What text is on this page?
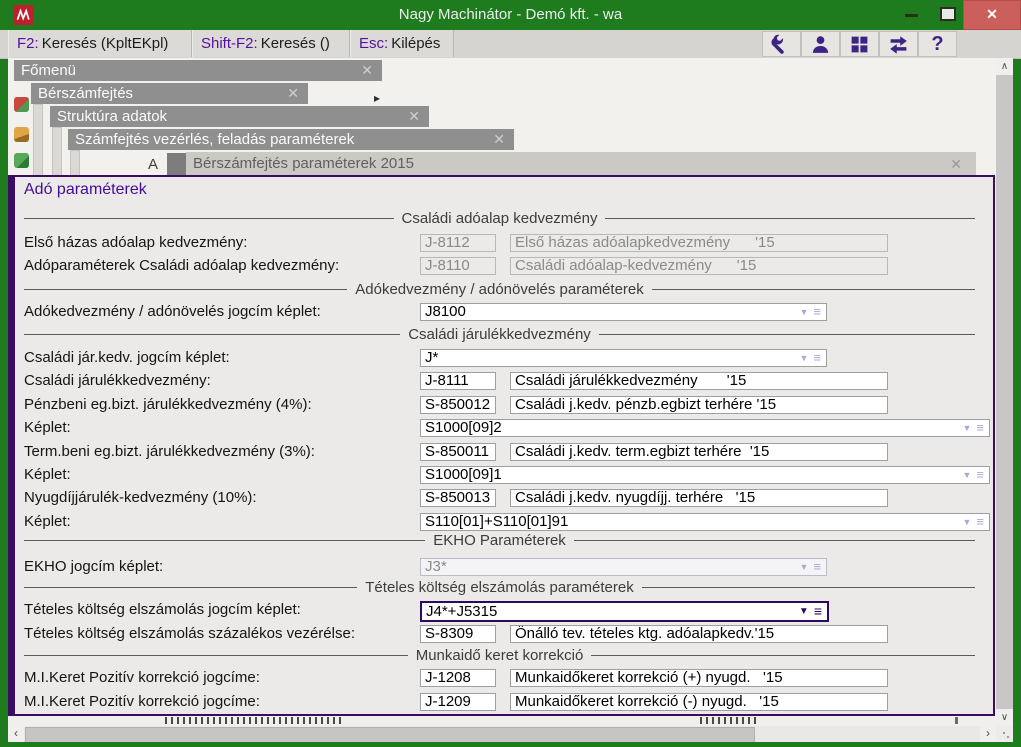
Nagy Machinátor - Demó kft. - wa	✕
F2: Keresés (KpltEKpl)	Shift-F2: Keresés ()	Esc: Kilépés	?
▸
Főmenü	✕
Bérszámfejtés	✕
Struktúra adatok	✕
Számfejtés vezérlés, feladás paraméterek	✕
A	Bérszámfejtés paraméterek 2015	✕
Adó paraméterek
Családi adóalap kedvezmény
Első házas adóalap kedvezmény:	J-8112	Első házas adóalapkedvezmény      '15
Adóparaméterek Családi adóalap kedvezmény:	J-8110	Családi adóalap-kedvezmény      '15
Adókedvezmény / adónövelés paraméterek
Adókedvezmény / adónövelés jogcím képlet:	J8100	▼ ≡
Családi járulékkedvezmény
Családi jár.kedv. jogcím képlet:	J*	▼ ≡
Családi járulékkedvezmény:	J-8111	Családi járulékkedvezmény       '15
Pénzbeni eg.bizt. járulékkedvezmény (4%):	S-850012	Családi j.kedv. pénzb.egbizt terhére '15
Képlet:	S1000[09]2	▼ ≡
Term.beni eg.bizt. járulékkedvezmény (3%):	S-850011	Családi j.kedv. term.egbizt terhére  '15
Képlet:	S1000[09]1	▼ ≡
Nyugdíjjárulék-kedvezmény (10%):	S-850013	Családi j.kedv. nyugdíjj. terhére   '15
Képlet:	S110[01]+S110[01]91	▼ ≡
EKHO Paraméterek
EKHO jogcím képlet:	J3*	▼ ≡
Tételes költség elszámolás paraméterek
Tételes költség elszámolás jogcím képlet:	J4*+J5315	▼ ≡
Tételes költség elszámolás százalékos vezérélse:	S-8309	Önálló tev. tételes ktg. adóalapkedv.'15
Munkaidő keret korrekció
M.I.Keret Pozitív korrekció jogcíme:	J-1208	Munkaidőkeret korrekció (+) nyugd.   '15
M.I.Keret Pozitív korrekció jogcíme:	J-1209	Munkaidőkeret korrekció (-) nyugd.   '15
∧
∨
‹	›
